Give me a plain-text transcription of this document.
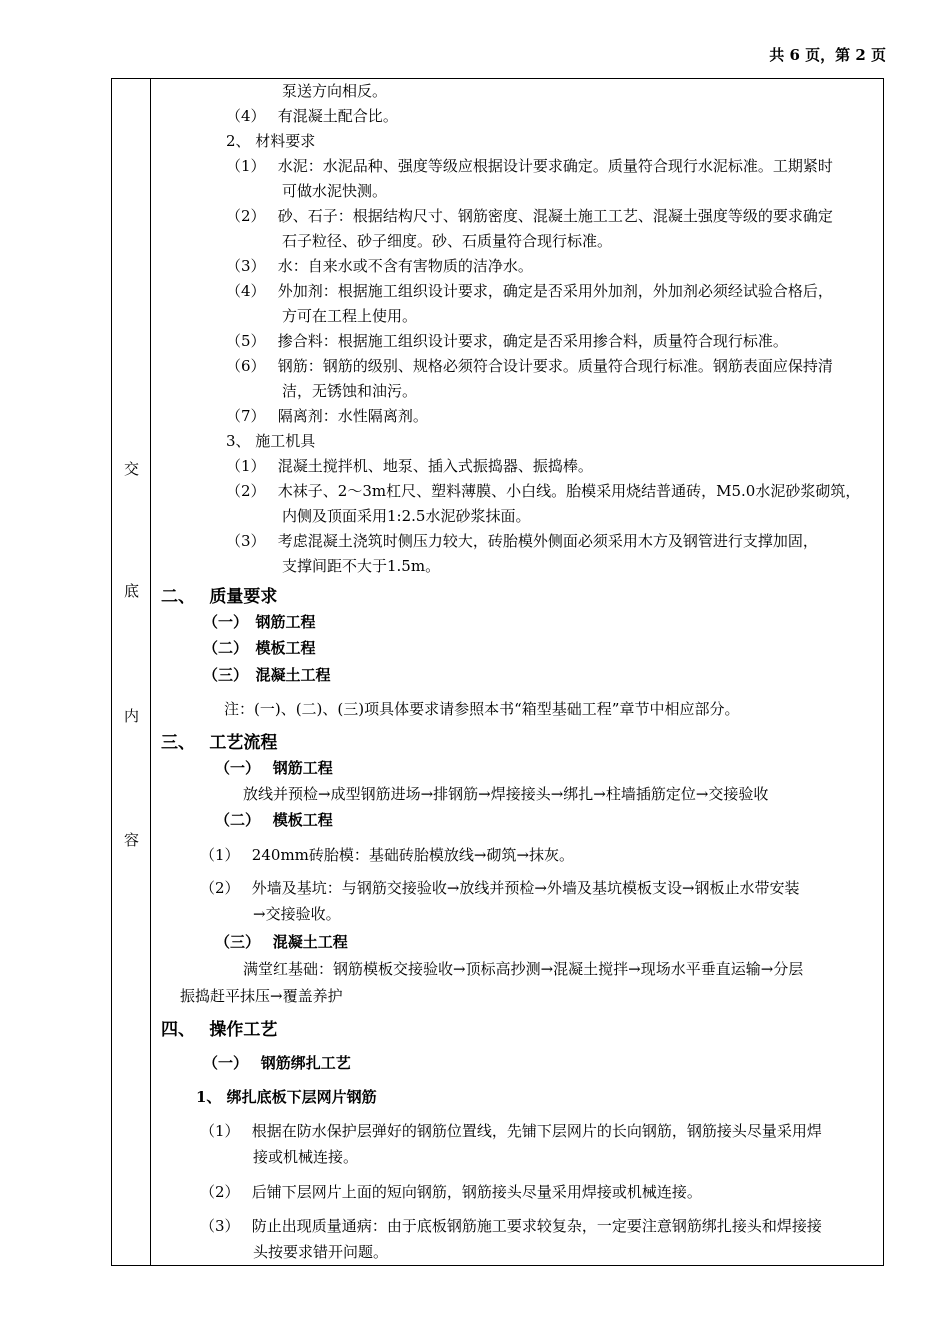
共 6 页，第 2 页
交
底
内
容
泵送方向相反。
（4）　 有混凝土配合比。
2、 材料要求
（1）　 水泥：水泥品种、强度等级应根据设计要求确定。质量符合现行水泥标准。工期紧时
可做水泥快测。
（2）　 砂、石子：根据结构尺寸、钢筋密度、混凝土施工工艺、混凝土强度等级的要求确定
石子粒径、砂子细度。砂、石质量符合现行标准。
（3）　 水：自来水或不含有害物质的洁净水。
（4）　 外加剂：根据施工组织设计要求，确定是否采用外加剂，外加剂必须经试验合格后，
方可在工程上使用。
（5）　 掺合料：根据施工组织设计要求，确定是否采用掺合料，质量符合现行标准。
（6）　 钢筋：钢筋的级别、规格必须符合设计要求。质量符合现行标准。钢筋表面应保持清
洁，无锈蚀和油污。
（7）　 隔离剂：水性隔离剂。
3、 施工机具
（1）　 混凝土搅拌机、地泵、插入式振捣器、振捣棒。
（2）　 木袜子、2～3m杠尺、塑料薄膜、小白线。胎模采用烧结普通砖，M5.0水泥砂浆砌筑，
内侧及顶面采用1:2.5水泥砂浆抹面。
（3）　 考虑混凝土浇筑时侧压力较大，砖胎模外侧面必须采用木方及钢管进行支撑加固，
支撑间距不大于1.5m。
二、　 质量要求
（一）　钢筋工程
（二）　模板工程
（三）　混凝土工程
注：(一)、(二)、(三)项具体要求请参照本书“箱型基础工程”章节中相应部分。
三、　 工艺流程
（一）　 钢筋工程
放线并预检→成型钢筋进场→排钢筋→焊接接头→绑扎→柱墙插筋定位→交接验收
（二）　 模板工程
（1）　 240mm砖胎模：基础砖胎模放线→砌筑→抹灰。
（2）　 外墙及基坑：与钢筋交接验收→放线并预检→外墙及基坑模板支设→钢板止水带安装
→交接验收。
（三）　 混凝土工程
满堂红基础：钢筋模板交接验收→顶标高抄测→混凝土搅拌→现场水平垂直运输→分层
振捣赶平抹压→覆盖养护
四、　 操作工艺
（一）　 钢筋绑扎工艺
1、 绑扎底板下层网片钢筋
（1）　 根据在防水保护层弹好的钢筋位置线，先铺下层网片的长向钢筋，钢筋接头尽量采用焊
接或机械连接。
（2）　 后铺下层网片上面的短向钢筋，钢筋接头尽量采用焊接或机械连接。
（3）　 防止出现质量通病：由于底板钢筋施工要求较复杂，一定要注意钢筋绑扎接头和焊接接
头按要求错开问题。
